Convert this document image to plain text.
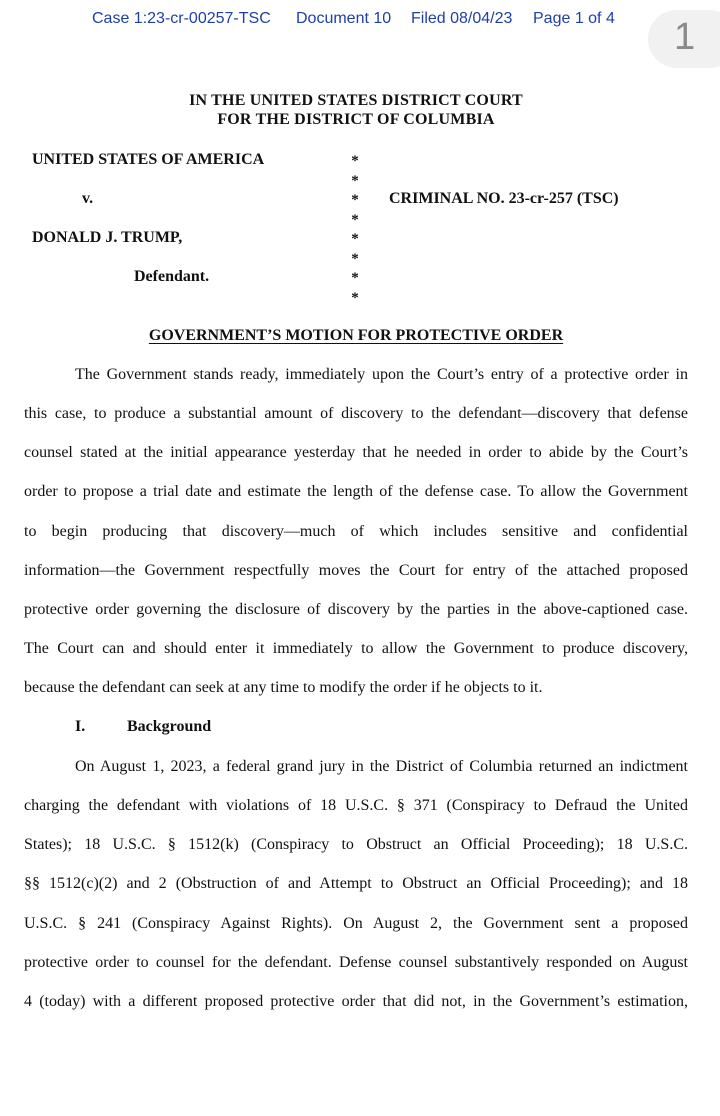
Case 1:23-cr-00257-TSC Document 10 Filed 08/04/23 Page 1 of 4 1
IN THE UNITED STATES DISTRICT COURT
FOR THE DISTRICT OF COLUMBIA
UNITED STATES OF AMERICA
v.
DONALD J. TRUMP,
Defendant.
CRIMINAL NO. 23-cr-257 (TSC)
*
*
*
*
*
*
*
*
GOVERNMENT’S MOTION FOR PROTECTIVE ORDER
The Government stands ready, immediately upon the Court’s entry of a protective order in
this case, to produce a substantial amount of discovery to the defendant—discovery that defense
counsel stated at the initial appearance yesterday that he needed in order to abide by the Court’s
order to propose a trial date and estimate the length of the defense case. To allow the Government
to begin producing that discovery—much of which includes sensitive and confidential
information—the Government respectfully moves the Court for entry of the attached proposed
protective order governing the disclosure of discovery by the parties in the above-captioned case.
The Court can and should enter it immediately to allow the Government to produce discovery,
because the defendant can seek at any time to modify the order if he objects to it.
I.	Background
On August 1, 2023, a federal grand jury in the District of Columbia returned an indictment
charging the defendant with violations of 18 U.S.C. § 371 (Conspiracy to Defraud the United
States); 18 U.S.C. § 1512(k) (Conspiracy to Obstruct an Official Proceeding); 18 U.S.C.
§§ 1512(c)(2) and 2 (Obstruction of and Attempt to Obstruct an Official Proceeding); and 18
U.S.C. § 241 (Conspiracy Against Rights). On August 2, the Government sent a proposed
protective order to counsel for the defendant. Defense counsel substantively responded on August
4 (today) with a different proposed protective order that did not, in the Government’s estimation,
